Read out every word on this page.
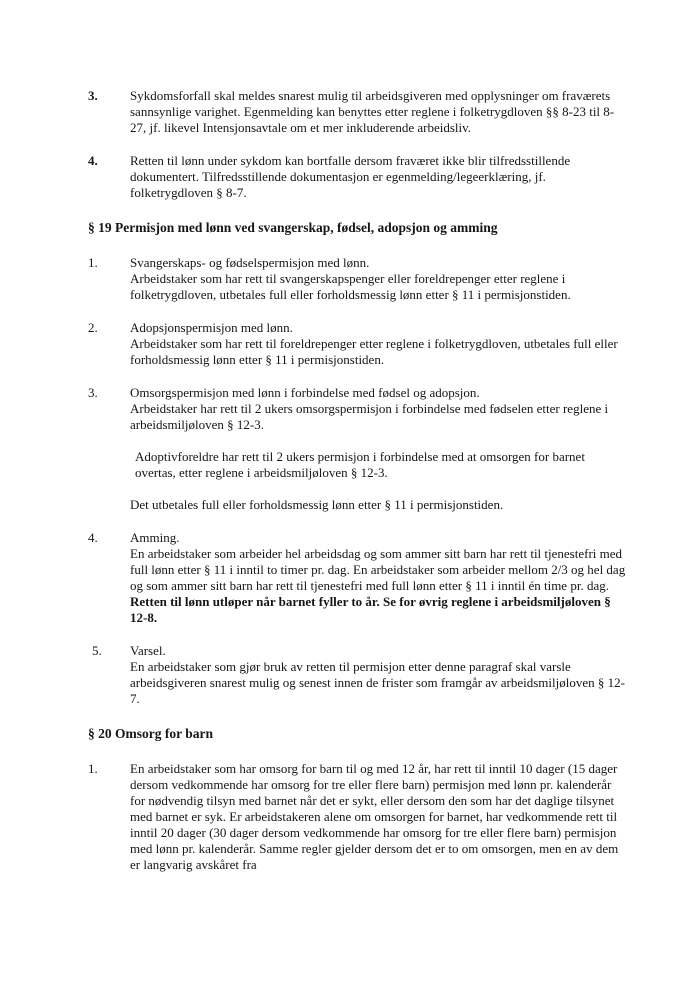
3.	Sykdomsforfall skal meldes snarest mulig til arbeidsgiveren med opplysninger om fraværets sannsynlige varighet. Egenmelding kan benyttes etter reglene i folketrygdloven §§ 8-23 til 8-27, jf. likevel Intensjonsavtale om et mer inkluderende arbeidsliv.
4.	Retten til lønn under sykdom kan bortfalle dersom fraværet ikke blir tilfredsstillende dokumentert. Tilfredsstillende dokumentasjon er egenmelding/legeerklæring, jf. folketrygdloven § 8-7.
§ 19 Permisjon med lønn ved svangerskap, fødsel, adopsjon og amming
1.	Svangerskaps- og fødselspermisjon med lønn.
Arbeidstaker som har rett til svangerskapspenger eller foreldrepenger etter reglene i folketrygdloven, utbetales full eller forholdsmessig lønn etter § 11 i permisjonstiden.
2.	Adopsjonspermisjon med lønn.
Arbeidstaker som har rett til foreldrepenger etter reglene i folketrygdloven, utbetales full eller forholdsmessig lønn etter § 11 i permisjonstiden.
3.	Omsorgspermisjon med lønn i forbindelse med fødsel og adopsjon.
Arbeidstaker har rett til 2 ukers omsorgspermisjon i forbindelse med fødselen etter reglene i arbeidsmiljøloven § 12-3.
Adoptivforeldre har rett til 2 ukers permisjon i forbindelse med at omsorgen for barnet overtas, etter reglene i arbeidsmiljøloven § 12-3.
Det utbetales full eller forholdsmessig lønn etter § 11 i permisjonstiden.
4.	Amming.
En arbeidstaker som arbeider hel arbeidsdag og som ammer sitt barn har rett til tjenestefri med full lønn etter § 11 i inntil to timer pr. dag. En arbeidstaker som arbeider mellom 2/3 og hel dag og som ammer sitt barn har rett til tjenestefri med full lønn etter § 11 i inntil én time pr. dag. Retten til lønn utløper når barnet fyller to år. Se for øvrig reglene i arbeidsmiljøloven § 12-8.
5.	Varsel.
En arbeidstaker som gjør bruk av retten til permisjon etter denne paragraf skal varsle arbeidsgiveren snarest mulig og senest innen de frister som framgår av arbeidsmiljøloven § 12-7.
§ 20 Omsorg for barn
1.	En arbeidstaker som har omsorg for barn til og med 12 år, har rett til inntil 10 dager (15 dager dersom vedkommende har omsorg for tre eller flere barn) permisjon med lønn pr. kalenderår for nødvendig tilsyn med barnet når det er sykt, eller dersom den som har det daglige tilsynet med barnet er syk. Er arbeidstakeren alene om omsorgen for barnet, har vedkommende rett til inntil 20 dager (30 dager dersom vedkommende har omsorg for tre eller flere barn) permisjon med lønn pr. kalenderår. Samme regler gjelder dersom det er to om omsorgen, men en av dem er langvarig avskåret fra
